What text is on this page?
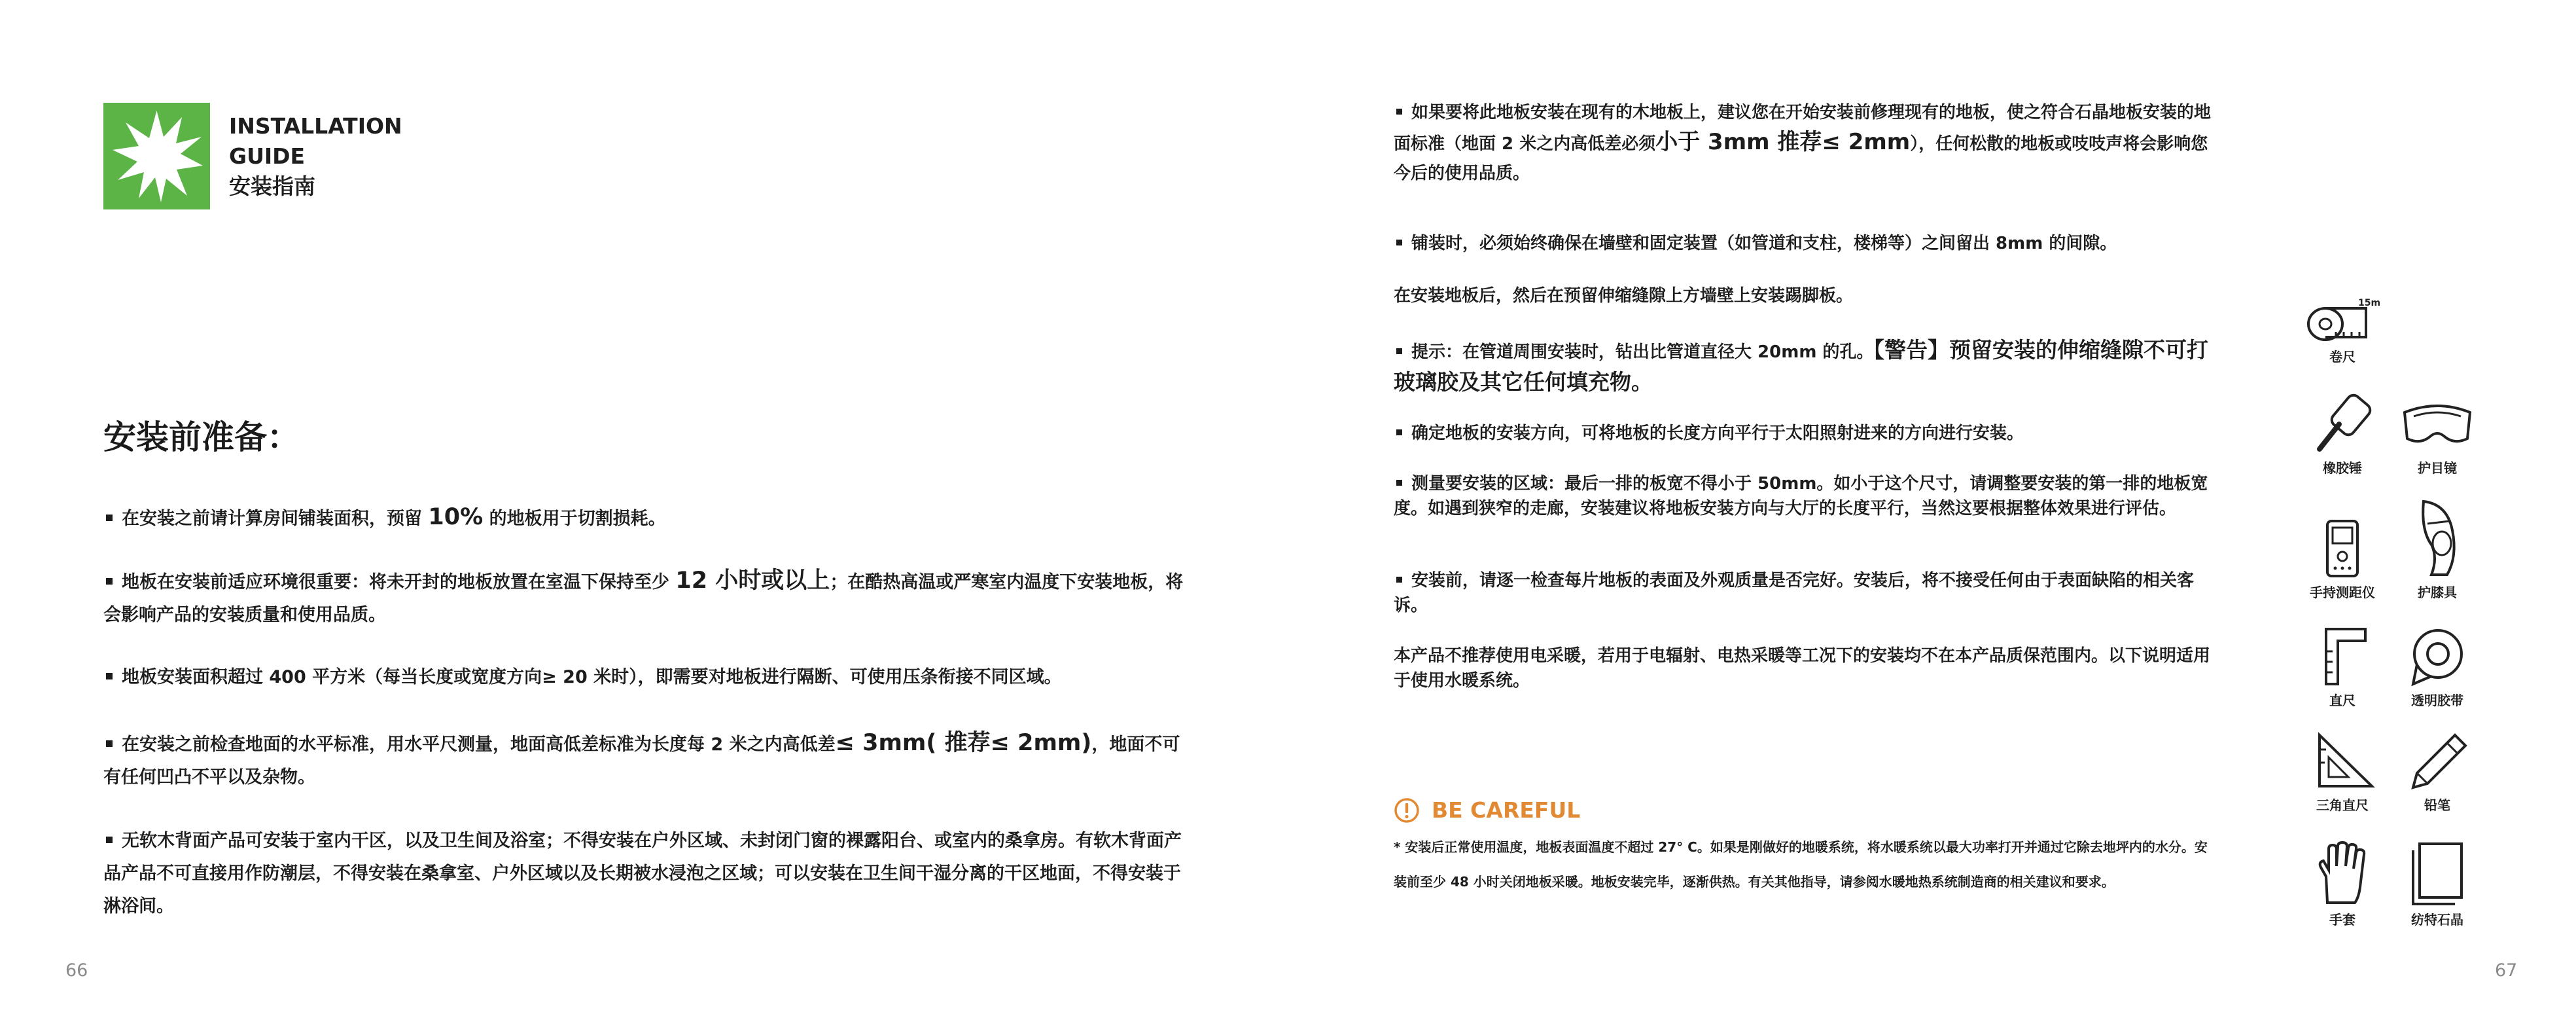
INSTALLATION
GUIDE
安装指南
安装前准备：
在安装之前请计算房间铺装面积，预留 10% 的地板用于切割损耗。
地板在安装前适应环境很重要：将未开封的地板放置在室温下保持至少 12 小时或以上；在酷热高温或严寒室内温度下安装地板，将会影响产品的安装质量和使用品质。
地板安装面积超过 400 平方米（每当长度或宽度方向≥ 20 米时），即需要对地板进行隔断、可使用压条衔接不同区域。
在安装之前检查地面的水平标准，用水平尺测量，地面高低差标准为长度每 2 米之内高低差≤ 3mm( 推荐≤ 2mm)，地面不可有任何凹凸不平以及杂物。
无软木背面产品可安装于室内干区，以及卫生间及浴室；不得安装在户外区域、未封闭门窗的裸露阳台、或室内的桑拿房。有软木背面产品产品不可直接用作防潮层，不得安装在桑拿室、户外区域以及长期被水浸泡之区域；可以安装在卫生间干湿分离的干区地面，不得安装于淋浴间。
66
如果要将此地板安装在现有的木地板上，建议您在开始安装前修理现有的地板，使之符合石晶地板安装的地面标准（地面 2 米之内高低差必须小于 3mm 推荐≤ 2mm），任何松散的地板或吱吱声将会影响您今后的使用品质。
铺装时，必须始终确保在墙壁和固定装置（如管道和支柱，楼梯等）之间留出 8mm 的间隙。
在安装地板后，然后在预留伸缩缝隙上方墙壁上安装踢脚板。
提示：在管道周围安装时，钻出比管道直径大 20mm 的孔。【警告】预留安装的伸缩缝隙不可打玻璃胶及其它任何填充物。
确定地板的安装方向，可将地板的长度方向平行于太阳照射进来的方向进行安装。
测量要安装的区域：最后一排的板宽不得小于 50mm。如小于这个尺寸，请调整要安装的第一排的地板宽度。如遇到狭窄的走廊，安装建议将地板安装方向与大厅的长度平行，当然这要根据整体效果进行评估。
安装前，请逐一检查每片地板的表面及外观质量是否完好。安装后，将不接受任何由于表面缺陷的相关客诉。
本产品不推荐使用电采暖，若用于电辐射、电热采暖等工况下的安装均不在本产品质保范围内。以下说明适用于使用水暖系统。
BE CAREFUL
* 安装后正常使用温度，地板表面温度不超过 27° C。如果是刚做好的地暖系统，将水暖系统以最大功率打开并通过它除去地坪内的水分。安装前至少 48 小时关闭地板采暖。地板安装完毕，逐渐供热。有关其他指导，请参阅水暖地热系统制造商的相关建议和要求。
15m
卷尺
橡胶锤	护目镜
手持测距仪	护膝具
直尺	透明胶带
三角直尺	铅笔
手套	纺特石晶
67
